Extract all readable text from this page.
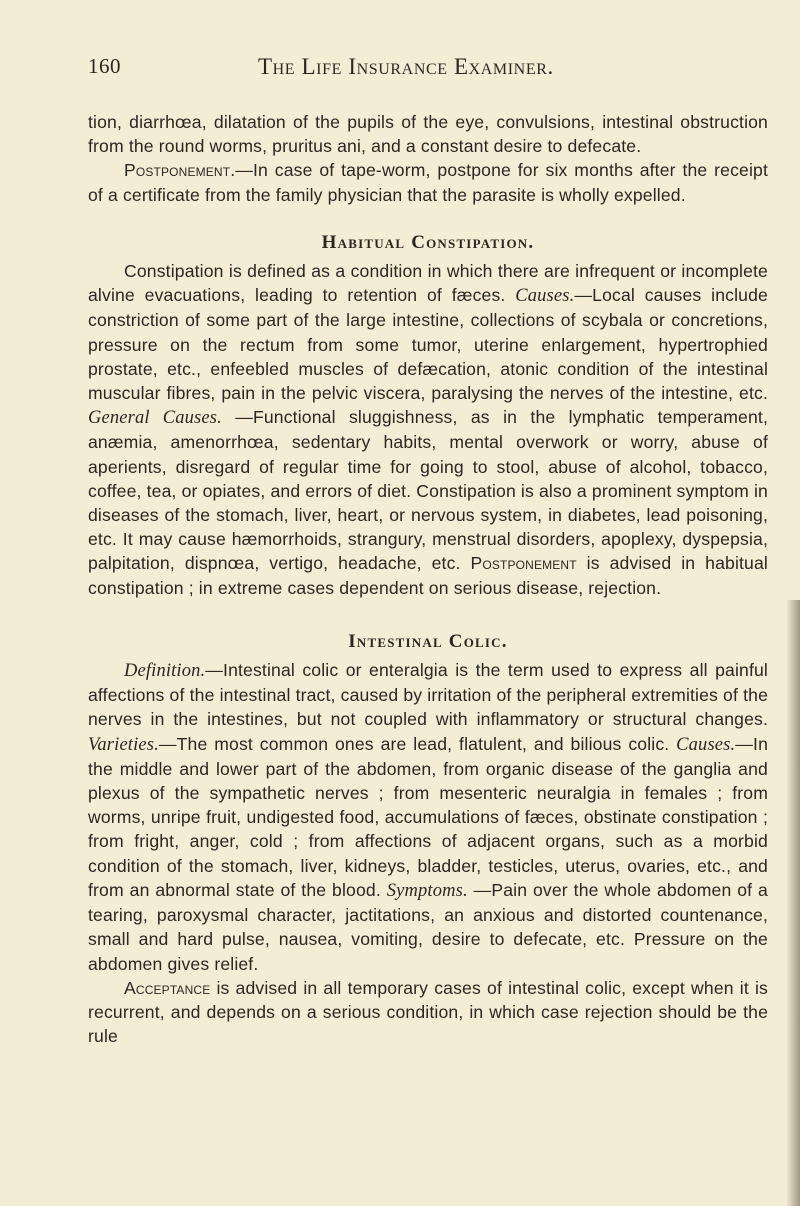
160	The Life Insurance Examiner.

tion, diarrhœa, dilatation of the pupils of the eye, convulsions, intestinal obstruction from the round worms, pruritus ani, and a constant desire to defecate.

Postponement.—In case of tape-worm, postpone for six months after the receipt of a certificate from the family physician that the parasite is wholly expelled.

Habitual Constipation.

Constipation is defined as a condition in which there are infrequent or incomplete alvine evacuations, leading to retention of fæces. Causes.—Local causes include constriction of some part of the large intestine, collections of scybala or concretions, pressure on the rectum from some tumor, uterine enlargement, hypertrophied prostate, etc., enfeebled muscles of defæcation, atonic condition of the intestinal muscular fibres, pain in the pelvic viscera, paralysing the nerves of the intestine, etc. General Causes. —Functional sluggishness, as in the lymphatic temperament, anæmia, amenorrhœa, sedentary habits, mental overwork or worry, abuse of aperients, disregard of regular time for going to stool, abuse of alcohol, tobacco, coffee, tea, or opiates, and errors of diet. Constipation is also a prominent symptom in diseases of the stomach, liver, heart, or nervous system, in diabetes, lead poisoning, etc. It may cause hæmorrhoids, strangury, menstrual disorders, apoplexy, dyspepsia, palpitation, dispnœa, vertigo, headache, etc. Postponement is advised in habitual constipation ; in extreme cases dependent on serious disease, rejection.

Intestinal Colic.

Definition.—Intestinal colic or enteralgia is the term used to express all painful affections of the intestinal tract, caused by irritation of the peripheral extremities of the nerves in the intestines, but not coupled with inflammatory or structural changes. Varieties.—The most common ones are lead, flatulent, and bilious colic. Causes.—In the middle and lower part of the abdomen, from organic disease of the ganglia and plexus of the sympathetic nerves ; from mesenteric neuralgia in females ; from worms, unripe fruit, undigested food, accumulations of fæces, obstinate constipation ; from fright, anger, cold ; from affections of adjacent organs, such as a morbid condition of the stomach, liver, kidneys, bladder, testicles, uterus, ovaries, etc., and from an abnormal state of the blood. Symptoms. —Pain over the whole abdomen of a tearing, paroxysmal character, jactitations, an anxious and distorted countenance, small and hard pulse, nausea, vomiting, desire to defecate, etc. Pressure on the abdomen gives relief.

Acceptance is advised in all temporary cases of intestinal colic, except when it is recurrent, and depends on a serious condition, in which case rejection should be the rule
